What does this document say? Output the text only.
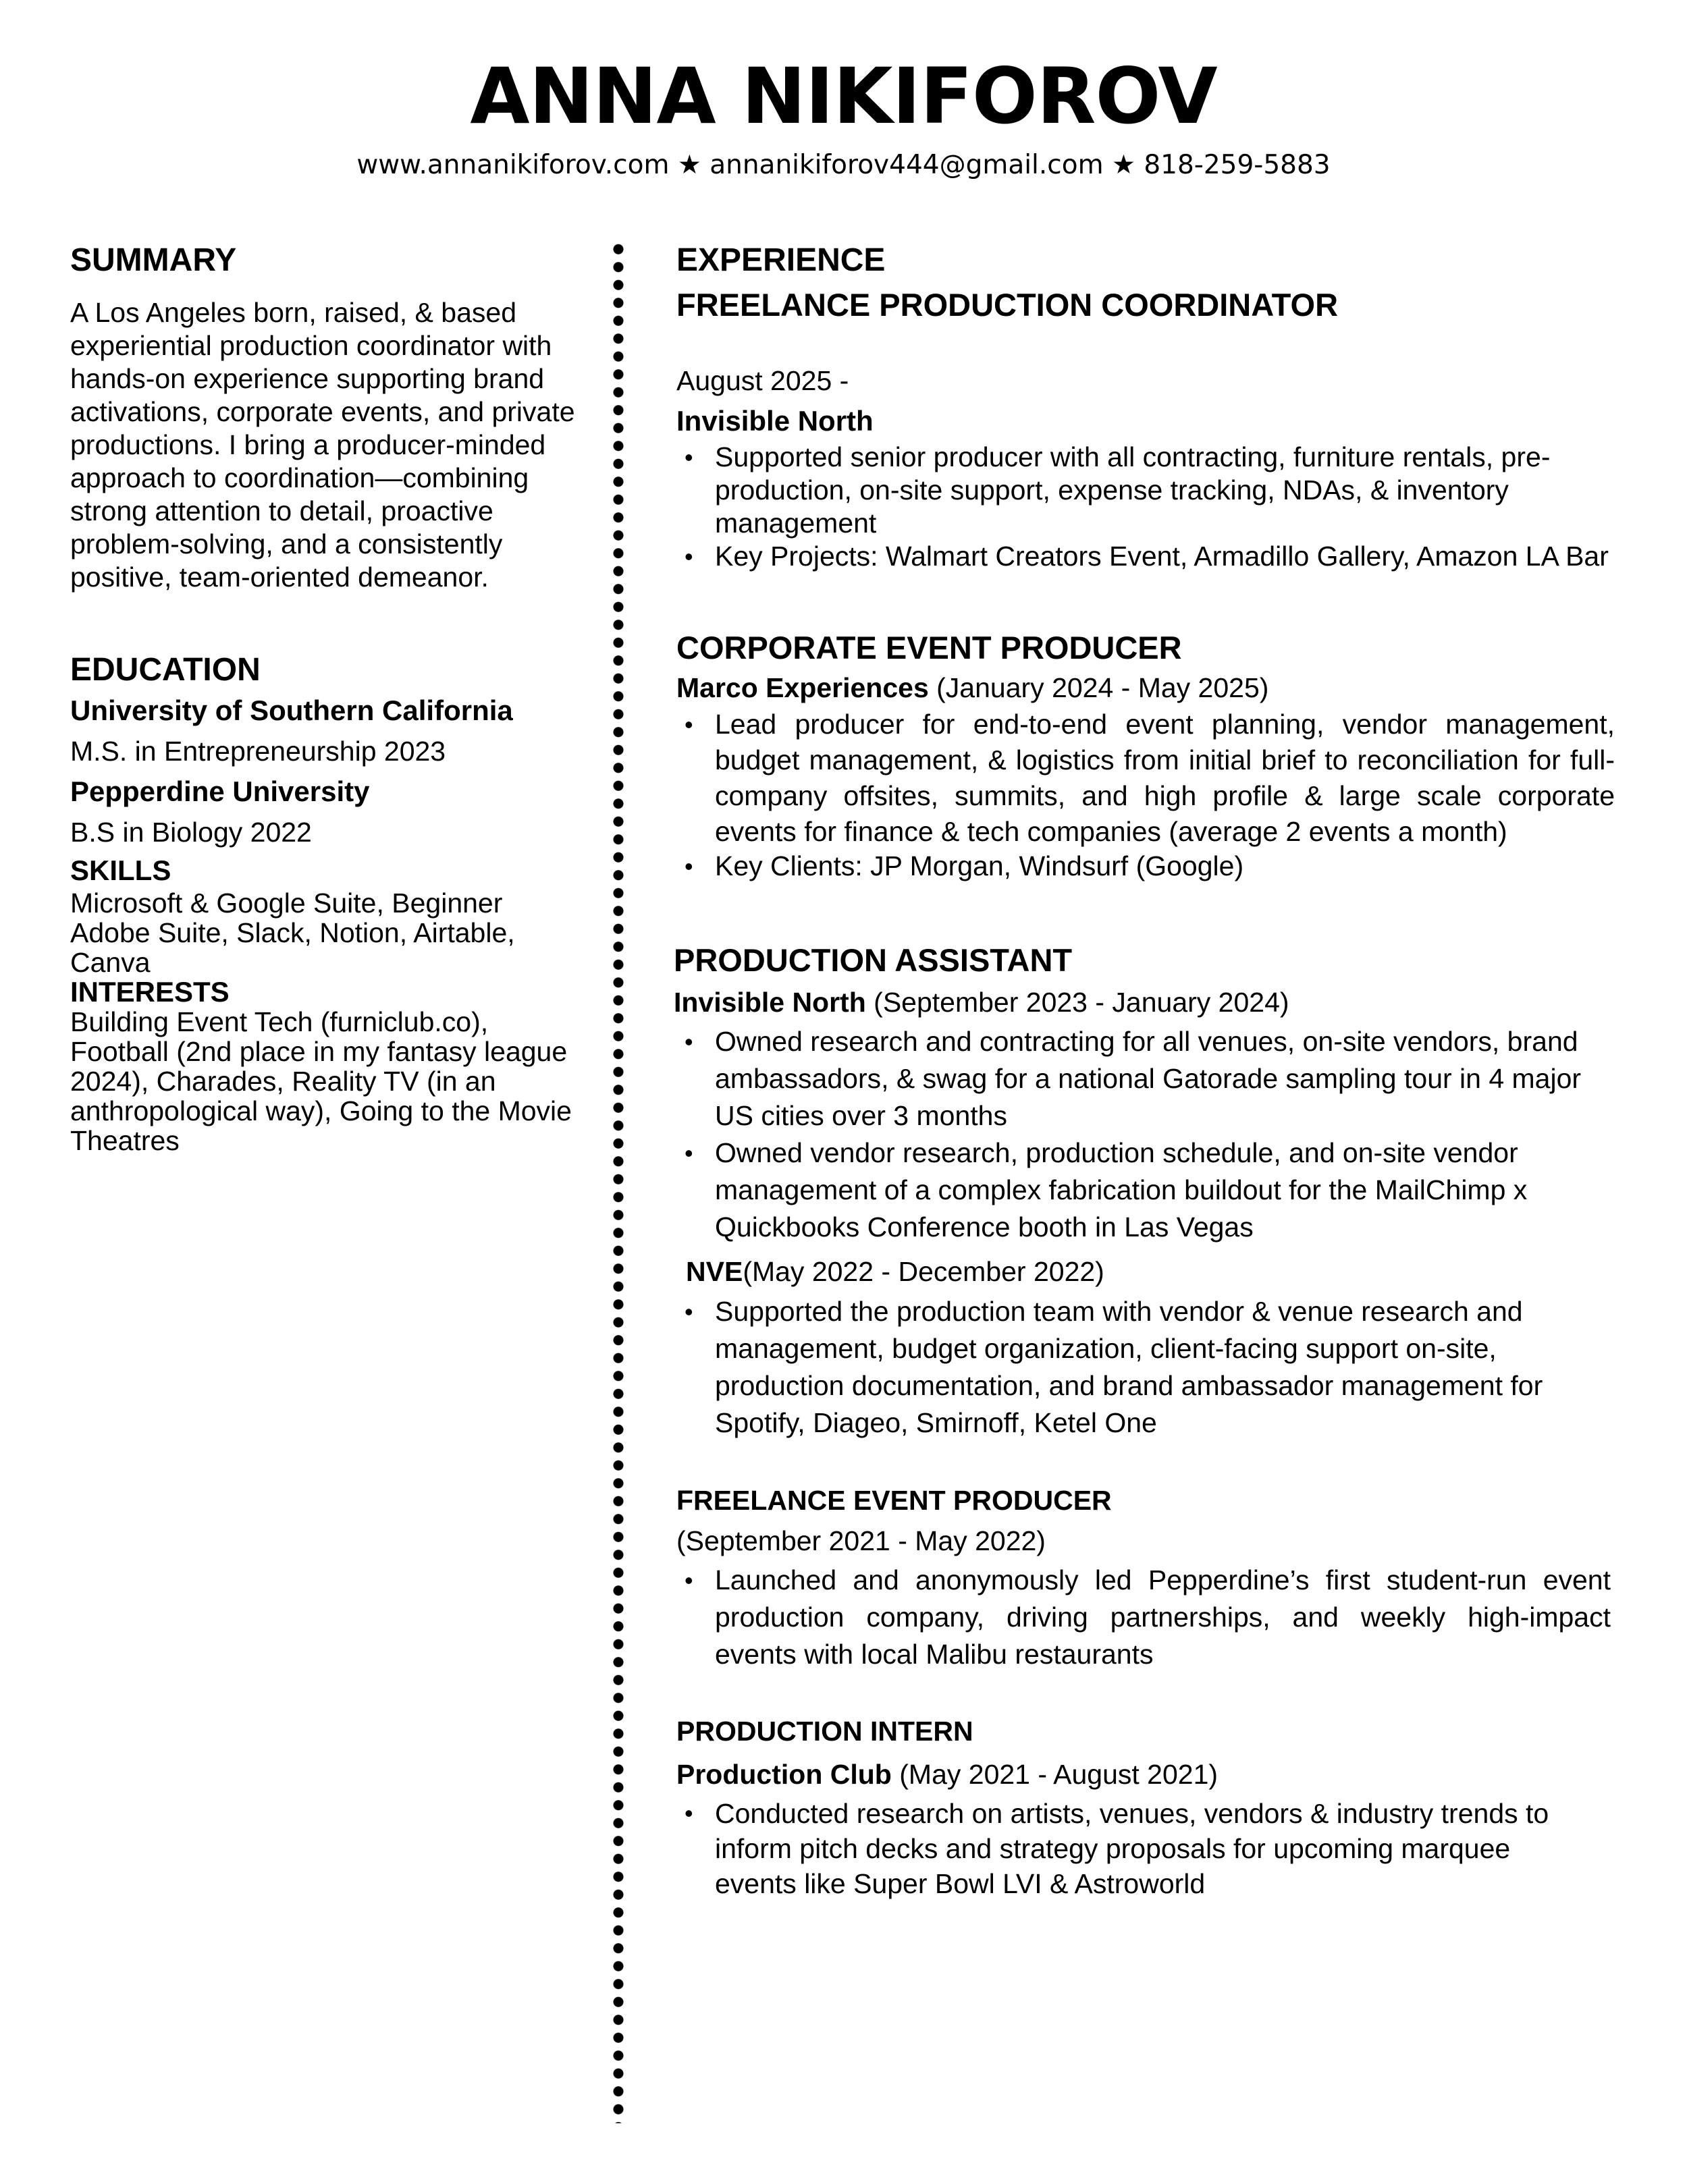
ANNA NIKIFOROV
www.annanikiforov.com ★ annanikiforov444@gmail.com ★ 818-259-5883
SUMMARY
A Los Angeles born, raised, & based experiential production coordinator with hands-on experience supporting brand activations, corporate events, and private productions. I bring a producer-minded approach to coordination—combining strong attention to detail, proactive problem-solving, and a consistently positive, team-oriented demeanor.
EDUCATION
University of Southern California
M.S. in Entrepreneurship 2023
Pepperdine University
B.S in Biology 2022
SKILLS
Microsoft & Google Suite, Beginner Adobe Suite, Slack, Notion, Airtable, Canva
INTERESTS
Building Event Tech (furniclub.co), Football (2nd place in my fantasy league 2024), Charades, Reality TV (in an anthropological way), Going to the Movie Theatres
EXPERIENCE
FREELANCE PRODUCTION COORDINATOR
August 2025 -
Invisible North
• Supported senior producer with all contracting, furniture rentals, pre-production, on-site support, expense tracking, NDAs, & inventory management
• Key Projects: Walmart Creators Event, Armadillo Gallery, Amazon LA Bar
CORPORATE EVENT PRODUCER
Marco Experiences (January 2024 - May 2025)
• Lead producer for end-to-end event planning, vendor management, budget management, & logistics from initial brief to reconciliation for full-company offsites, summits, and high profile & large scale corporate events for finance & tech companies (average 2 events a month)
• Key Clients: JP Morgan, Windsurf (Google)
PRODUCTION ASSISTANT
Invisible North (September 2023 - January 2024)
• Owned research and contracting for all venues, on-site vendors, brand ambassadors, & swag for a national Gatorade sampling tour in 4 major US cities over 3 months
• Owned vendor research, production schedule, and on-site vendor management of a complex fabrication buildout for the MailChimp x Quickbooks Conference booth in Las Vegas
NVE(May 2022 - December 2022)
• Supported the production team with vendor & venue research and management, budget organization, client-facing support on-site, production documentation, and brand ambassador management for Spotify, Diageo, Smirnoff, Ketel One
FREELANCE EVENT PRODUCER
(September 2021 - May 2022)
• Launched and anonymously led Pepperdine’s first student-run event production company, driving partnerships, and weekly high-impact events with local Malibu restaurants
PRODUCTION INTERN
Production Club (May 2021 - August 2021)
• Conducted research on artists, venues, vendors & industry trends to inform pitch decks and strategy proposals for upcoming marquee events like Super Bowl LVI & Astroworld
